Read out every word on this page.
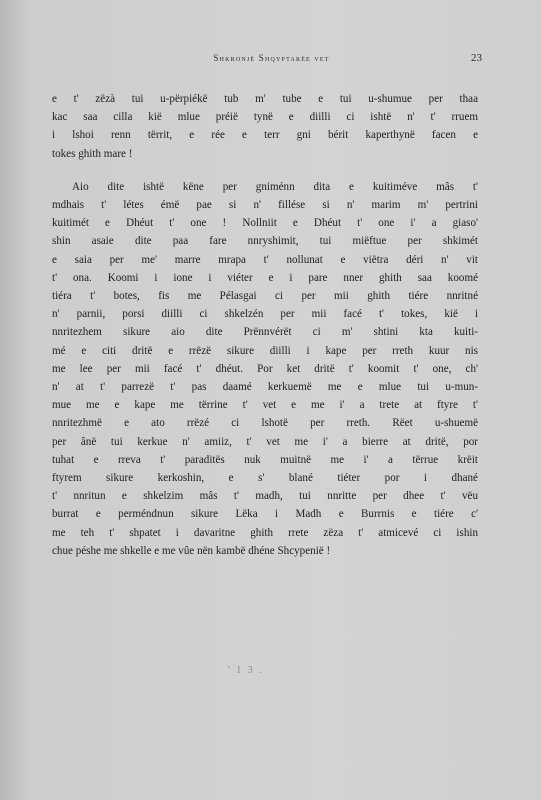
Shkronjë Shqyptarëe vet	23
e t' zëzà tui u-përpiékë tub m' tube e tui u-shumue per thaa
kac saa cilla kië mlue préië tynë e diilli ci ishtë n' t' rruem
i lshoi renn tërrit, e rée e terr gni bérit kaperthynë facen e
tokes ghith mare !
Aio dite ishtë këne per gniménn dita e kuitiméve mâs t'
mdhais t' létes émë pae si n' fillése si n' marim m' pertrini
kuitimét e Dhéut t' one ! Nollniit e Dhéut t' one i' a giaso'
shin asaie dite paa fare nnryshimit, tui miëftue per shkimét
e saia per me' marre mrapa t' nollunat e viëtra déri n' vit
t' ona. Koomi i ione i viéter e i pare nner ghith saa koomé
tiéra t' botes, fis me Pélasgai ci per mii ghith tiére nnritné
n' parnii, porsi diilli ci shkelzén per mii facé t' tokes, kië i
nnritezhem sikure aio dite Prënnvérët ci m' shtini kta kuiti-
mé e citi dritë e rrëzë sikure diilli i kape per rreth kuur nis
me lee per mii facé t' dhéut. Por ket dritë t' koomit t' one, ch'
n' at t' parrezë t' pas daamé kerkuemë me e mlue tui u-mun-
mue me e kape me tërrine t' vet e me i' a trete at ftyre t'
nnritezhmë e ato rrëzé ci lshotë per rreth. Rëet u-shuemë
per ânë tui kerkue n' amiiz, t' vet me i' a bierre at dritë, por
tuhat e rreva t' paraditës nuk muitnë me i' a tërrue krëit
ftyrem sikure kerkoshin, e s' blané tiéter por i dhané
t' nnritun e shkelzim mâs t' madh, tui nnritte per dhee t' vëu
burrat e perméndnun sikure Lëka i Madh e Burrnis e tiére c'
me teh t' shpatet i davaritne ghith rrete zëza t' atmicevé ci ishin
chue péshe me shkelle e me vûe nën kambë dhéne Shcypenië !
' 1 3 .
